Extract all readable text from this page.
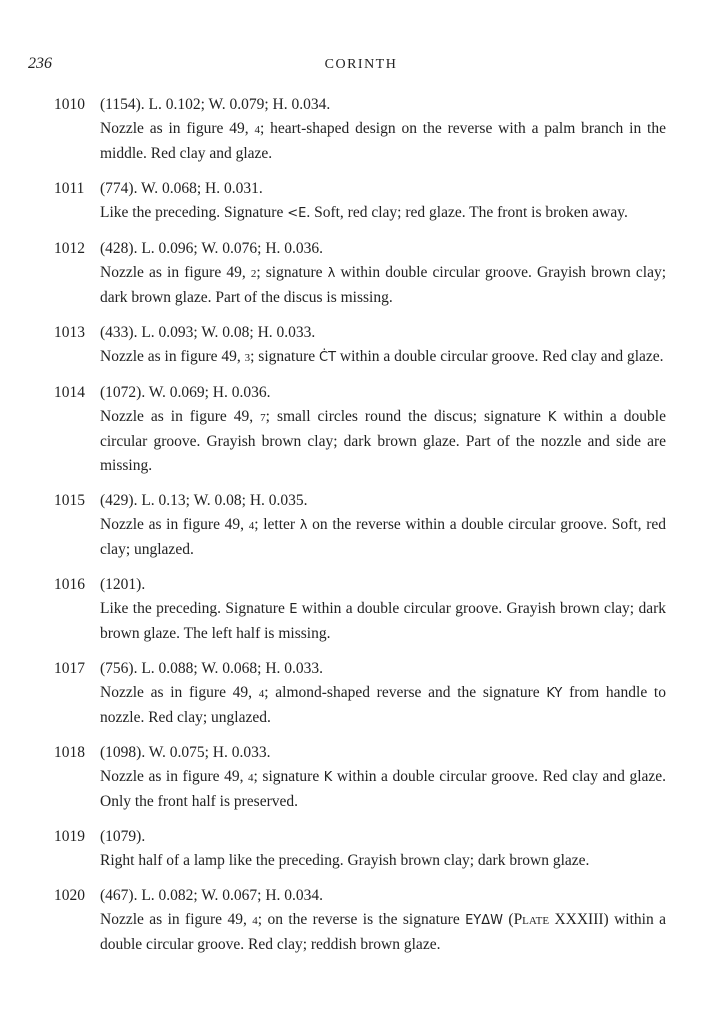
236	CORINTH
1010 (1154). L. 0.102; W. 0.079; H. 0.034.
Nozzle as in figure 49, 4; heart-shaped design on the reverse with a palm branch in the middle. Red clay and glaze.
1011 (774). W. 0.068; H. 0.031.
Like the preceding. Signature <E. Soft, red clay; red glaze. The front is broken away.
1012 (428). L. 0.096; W. 0.076; H. 0.036.
Nozzle as in figure 49, 2; signature λ within double circular groove. Grayish brown clay; dark brown glaze. Part of the discus is missing.
1013 (433). L. 0.093; W. 0.08; H. 0.033.
Nozzle as in figure 49, 3; signature ĊT within a double circular groove. Red clay and glaze.
1014 (1072). W. 0.069; H. 0.036.
Nozzle as in figure 49, 7; small circles round the discus; signature K within a double circular groove. Grayish brown clay; dark brown glaze. Part of the nozzle and side are missing.
1015 (429). L. 0.13; W. 0.08; H. 0.035.
Nozzle as in figure 49, 4; letter λ on the reverse within a double circular groove. Soft, red clay; unglazed.
1016 (1201).
Like the preceding. Signature E within a double circular groove. Grayish brown clay; dark brown glaze. The left half is missing.
1017 (756). L. 0.088; W. 0.068; H. 0.033.
Nozzle as in figure 49, 4; almond-shaped reverse and the signature KY from handle to nozzle. Red clay; unglazed.
1018 (1098). W. 0.075; H. 0.033.
Nozzle as in figure 49, 4; signature K within a double circular groove. Red clay and glaze. Only the front half is preserved.
1019 (1079).
Right half of a lamp like the preceding. Grayish brown clay; dark brown glaze.
1020 (467). L. 0.082; W. 0.067; H. 0.034.
Nozzle as in figure 49, 4; on the reverse is the signature EYΔW (Plate XXXIII) within a double circular groove. Red clay; reddish brown glaze.
